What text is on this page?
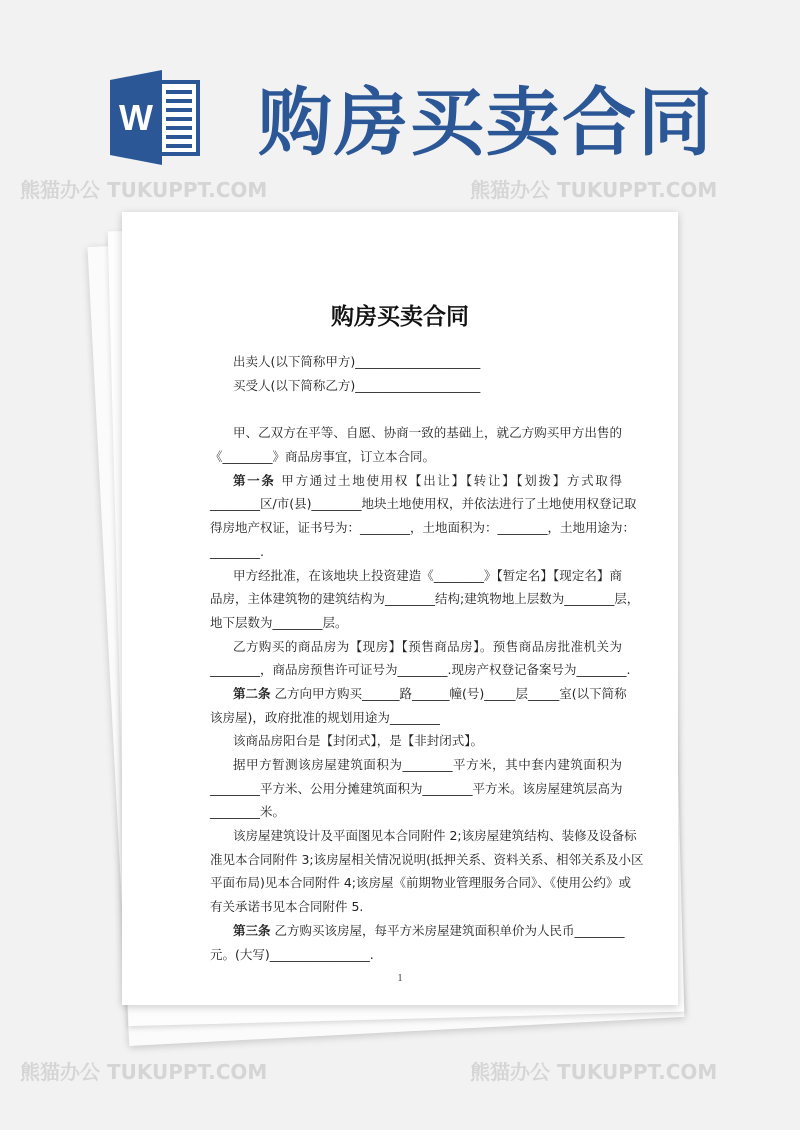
W 购房买卖合同
熊猫办公 TUKUPPT.COM	熊猫办公 TUKUPPT.COM
购房买卖合同
出卖人(以下简称甲方)____________________
买受人(以下简称乙方)____________________
甲、乙双方在平等、自愿、协商一致的基础上，就乙方购买甲方出售的
《________》商品房事宜，订立本合同。
第一条 甲方通过土地使用权【出让】【转让】【划拨】方式取得
________区/市(县)________地块土地使用权，并依法进行了土地使用权登记取
得房地产权证，证书号为：________，土地面积为：________，土地用途为：
________.
甲方经批准，在该地块上投资建造《________》【暂定名】【现定名】商
品房，主体建筑物的建筑结构为________结构;建筑物地上层数为________层，
地下层数为________层。
乙方购买的商品房为【现房】【预售商品房】。预售商品房批准机关为
________，商品房预售许可证号为________.现房产权登记备案号为________.
第二条 乙方向甲方购买______路______幢(号)_____层_____室(以下简称
该房屋)，政府批准的规划用途为________
该商品房阳台是【封闭式】，是【非封闭式】。
据甲方暂测该房屋建筑面积为________平方米，其中套内建筑面积为
________平方米、公用分摊建筑面积为________平方米。该房屋建筑层高为
________米。
该房屋建筑设计及平面图见本合同附件 2;该房屋建筑结构、装修及设备标
准见本合同附件 3;该房屋相关情况说明(抵押关系、资料关系、相邻关系及小区
平面布局)见本合同附件 4;该房屋《前期物业管理服务合同》、《使用公约》或
有关承诺书见本合同附件 5.
第三条 乙方购买该房屋，每平方米房屋建筑面积单价为人民币________
元。(大写)________________.
1
熊猫办公 TUKUPPT.COM	熊猫办公 TUKUPPT.COM
